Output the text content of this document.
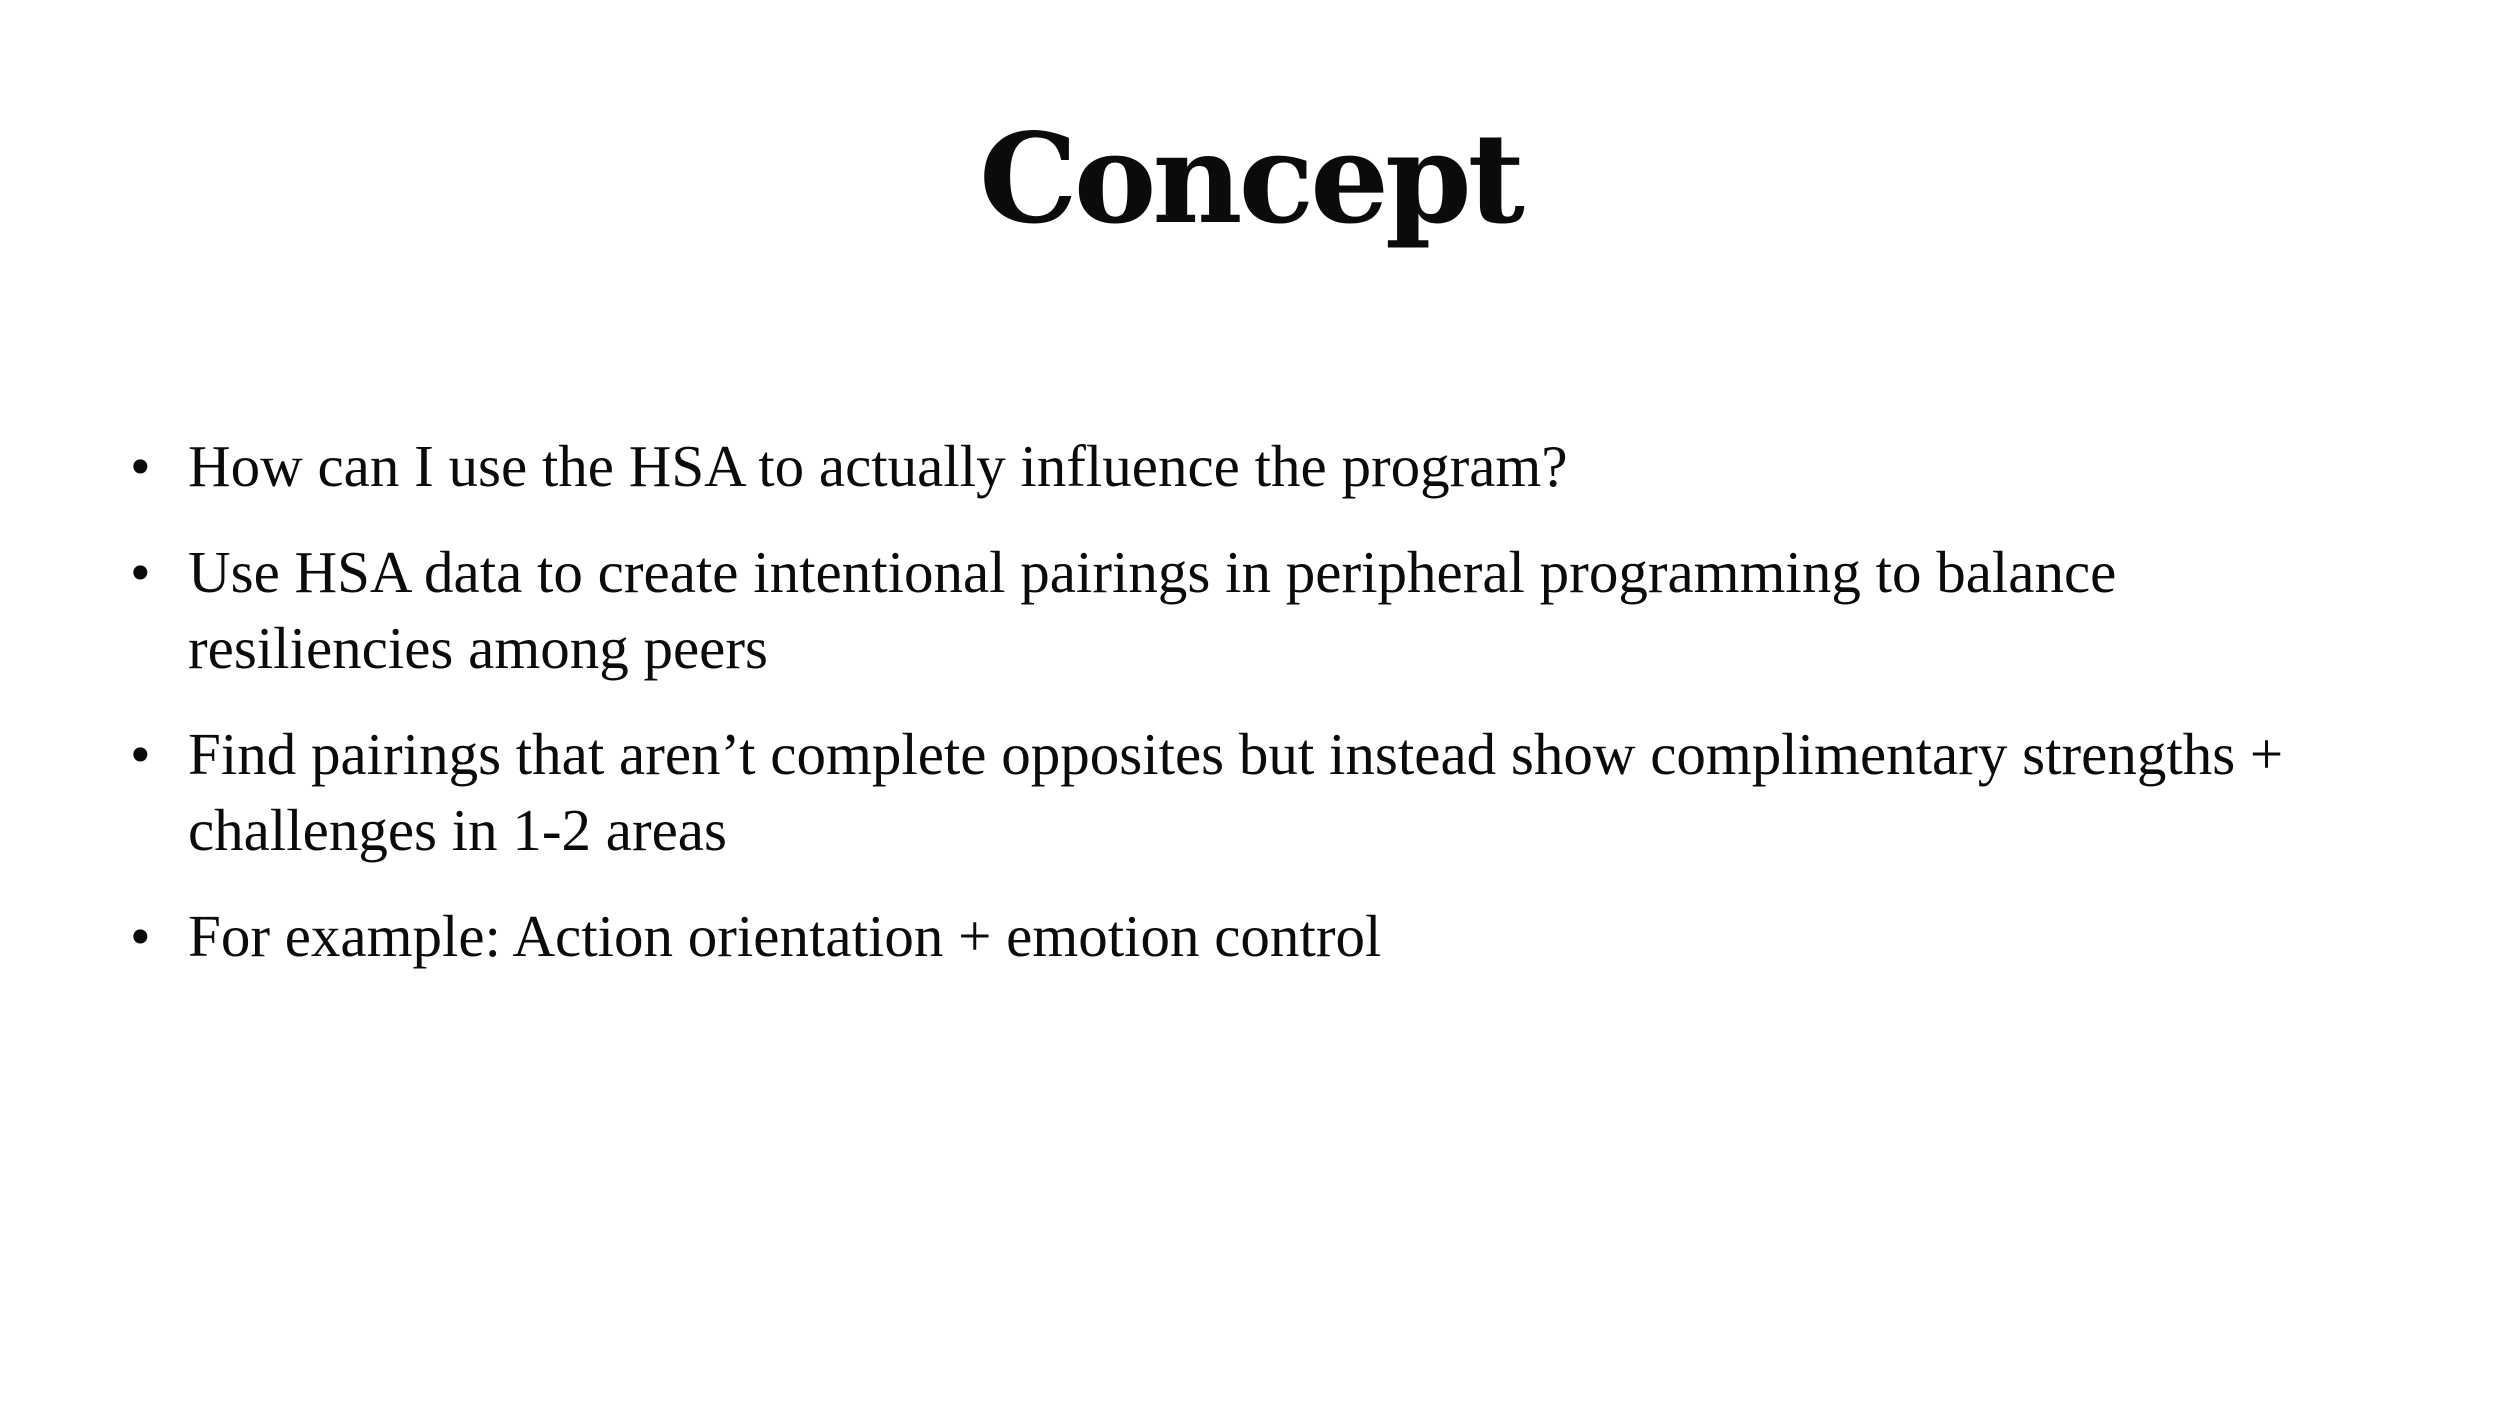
Concept
• How can I use the HSA to actually influence the program?
• Use HSA data to create intentional pairings in peripheral programming to balance resiliencies among peers
• Find pairings that aren’t complete opposites but instead show complimentary strengths + challenges in 1-2 areas
• For example: Action orientation + emotion control
